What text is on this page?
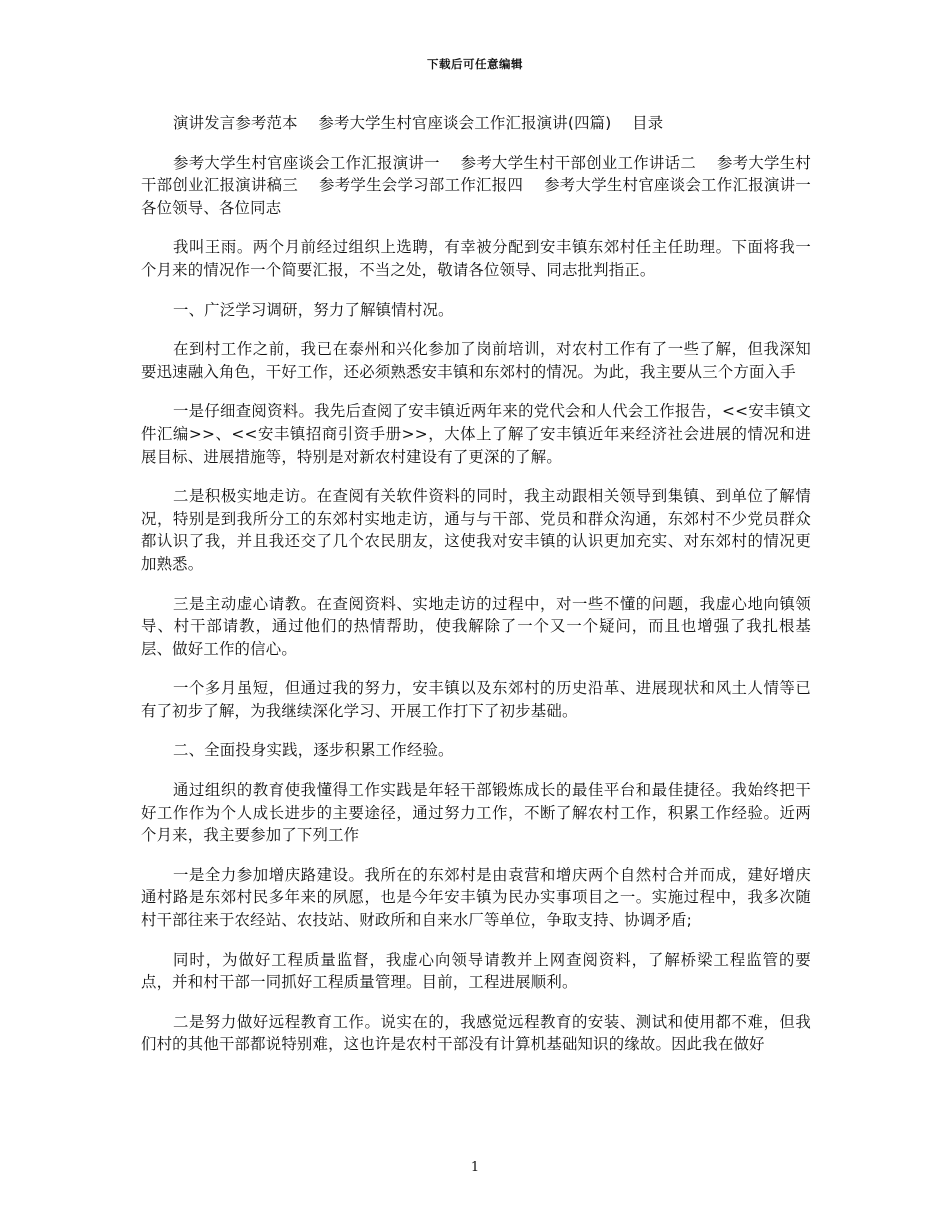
下载后可任意编辑

演讲发言参考范本　 参考大学生村官座谈会工作汇报演讲(四篇)　 目录

参考大学生村官座谈会工作汇报演讲一　 参考大学生村干部创业工作讲话二　 参考大学生村干部创业汇报演讲稿三　 参考学生会学习部工作汇报四　 参考大学生村官座谈会工作汇报演讲一　各位领导、各位同志

我叫王雨。两个月前经过组织上选聘，有幸被分配到安丰镇东郊村任主任助理。下面将我一个月来的情况作一个简要汇报，不当之处，敬请各位领导、同志批判指正。

一、广泛学习调研，努力了解镇情村况。

在到村工作之前，我已在泰州和兴化参加了岗前培训，对农村工作有了一些了解，但我深知要迅速融入角色，干好工作，还必须熟悉安丰镇和东郊村的情况。为此，我主要从三个方面入手

一是仔细查阅资料。我先后查阅了安丰镇近两年来的党代会和人代会工作报告，<<安丰镇文件汇编>>、<<安丰镇招商引资手册>>，大体上了解了安丰镇近年来经济社会进展的情况和进展目标、进展措施等，特别是对新农村建设有了更深的了解。

二是积极实地走访。在查阅有关软件资料的同时，我主动跟相关领导到集镇、到单位了解情况，特别是到我所分工的东郊村实地走访，通与与干部、党员和群众沟通，东郊村不少党员群众都认识了我，并且我还交了几个农民朋友，这使我对安丰镇的认识更加充实、对东郊村的情况更加熟悉。

三是主动虚心请教。在查阅资料、实地走访的过程中，对一些不懂的问题，我虚心地向镇领导、村干部请教，通过他们的热情帮助，使我解除了一个又一个疑问，而且也增强了我扎根基层、做好工作的信心。

一个多月虽短，但通过我的努力，安丰镇以及东郊村的历史沿革、进展现状和风土人情等已有了初步了解，为我继续深化学习、开展工作打下了初步基础。

二、全面投身实践，逐步积累工作经验。

通过组织的教育使我懂得工作实践是年轻干部锻炼成长的最佳平台和最佳捷径。我始终把干好工作作为个人成长进步的主要途径，通过努力工作，不断了解农村工作，积累工作经验。近两个月来，我主要参加了下列工作

一是全力参加增庆路建设。我所在的东郊村是由袁营和增庆两个自然村合并而成，建好增庆通村路是东郊村民多年来的夙愿，也是今年安丰镇为民办实事项目之一。实施过程中，我多次随村干部往来于农经站、农技站、财政所和自来水厂等单位，争取支持、协调矛盾;

同时，为做好工程质量监督，我虚心向领导请教并上网查阅资料，了解桥梁工程监管的要点，并和村干部一同抓好工程质量管理。目前，工程进展顺利。

二是努力做好远程教育工作。说实在的，我感觉远程教育的安装、测试和使用都不难，但我们村的其他干部都说特别难，这也许是农村干部没有计算机基础知识的缘故。因此我在做好

1
